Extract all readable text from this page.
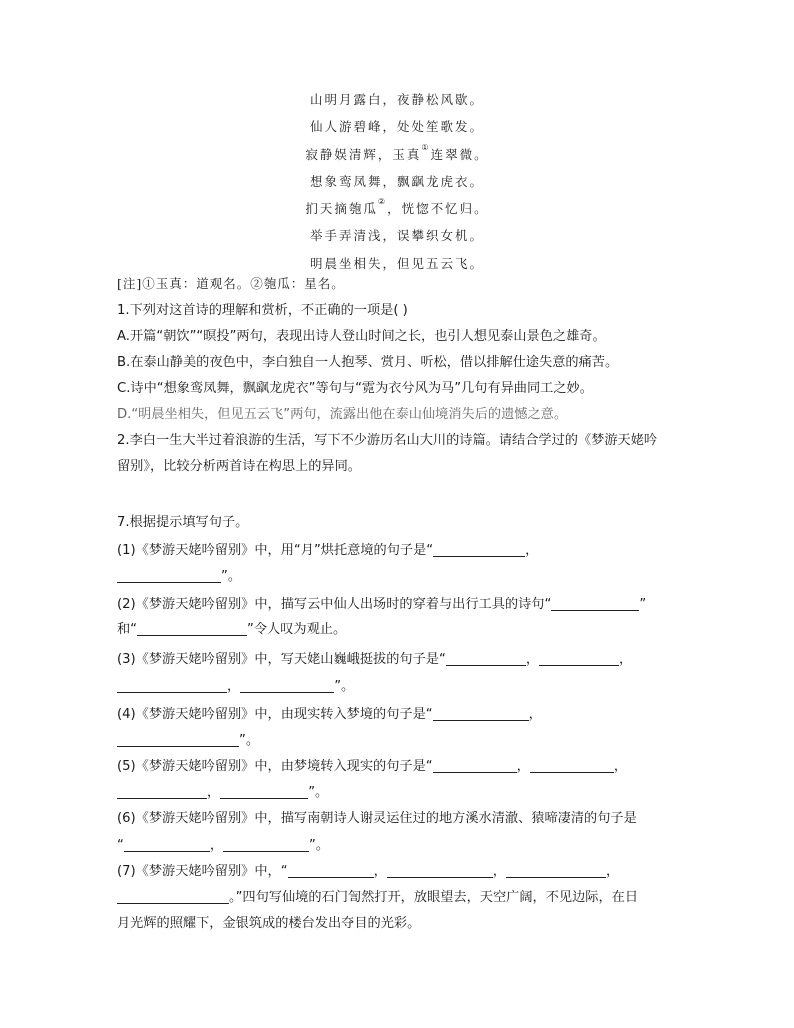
山明月露白，夜静松风歇。
仙人游碧峰，处处笙歌发。
寂静娱清辉，玉真①连翠微。
想象鸾凤舞，飘飖龙虎衣。
扪天摘匏瓜②，恍惚不忆归。
举手弄清浅，误攀织女机。
明晨坐相失，但见五云飞。
[注]①玉真：道观名。②匏瓜：星名。
1.下列对这首诗的理解和赏析，不正确的一项是( )
A.开篇“朝饮”“暝投”两句，表现出诗人登山时间之长，也引人想见泰山景色之雄奇。
B.在泰山静美的夜色中，李白独自一人抱琴、赏月、听松，借以排解仕途失意的痛苦。
C.诗中“想象鸾凤舞，飘飖龙虎衣”等句与“霓为衣兮风为马”几句有异曲同工之妙。
D.“明晨坐相失，但见五云飞”两句，流露出他在泰山仙境消失后的遗憾之意。
2.李白一生大半过着浪游的生活，写下不少游历名山大川的诗篇。请结合学过的《梦游天姥吟
留别》，比较分析两首诗在构思上的异同。
7.根据提示填写句子。
(1)《梦游天姥吟留别》中，用“月”烘托意境的句子是“	，
”。
(2)《梦游天姥吟留别》中，描写云中仙人出场时的穿着与出行工具的诗句“	”
和“	”令人叹为观止。
(3)《梦游天姥吟留别》中，写天姥山巍峨挺拔的句子是“	，	，
，	”。
(4)《梦游天姥吟留别》中，由现实转入梦境的句子是“	，
”。
(5)《梦游天姥吟留别》中，由梦境转入现实的句子是“	，	，
，	”。
(6)《梦游天姥吟留别》中，描写南朝诗人谢灵运住过的地方溪水清澈、猿啼凄清的句子是
“	，	”。
(7)《梦游天姥吟留别》中，“	，	，	，
。”四句写仙境的石门訇然打开，放眼望去，天空广阔，不见边际，在日
月光辉的照耀下，金银筑成的楼台发出夺目的光彩。
